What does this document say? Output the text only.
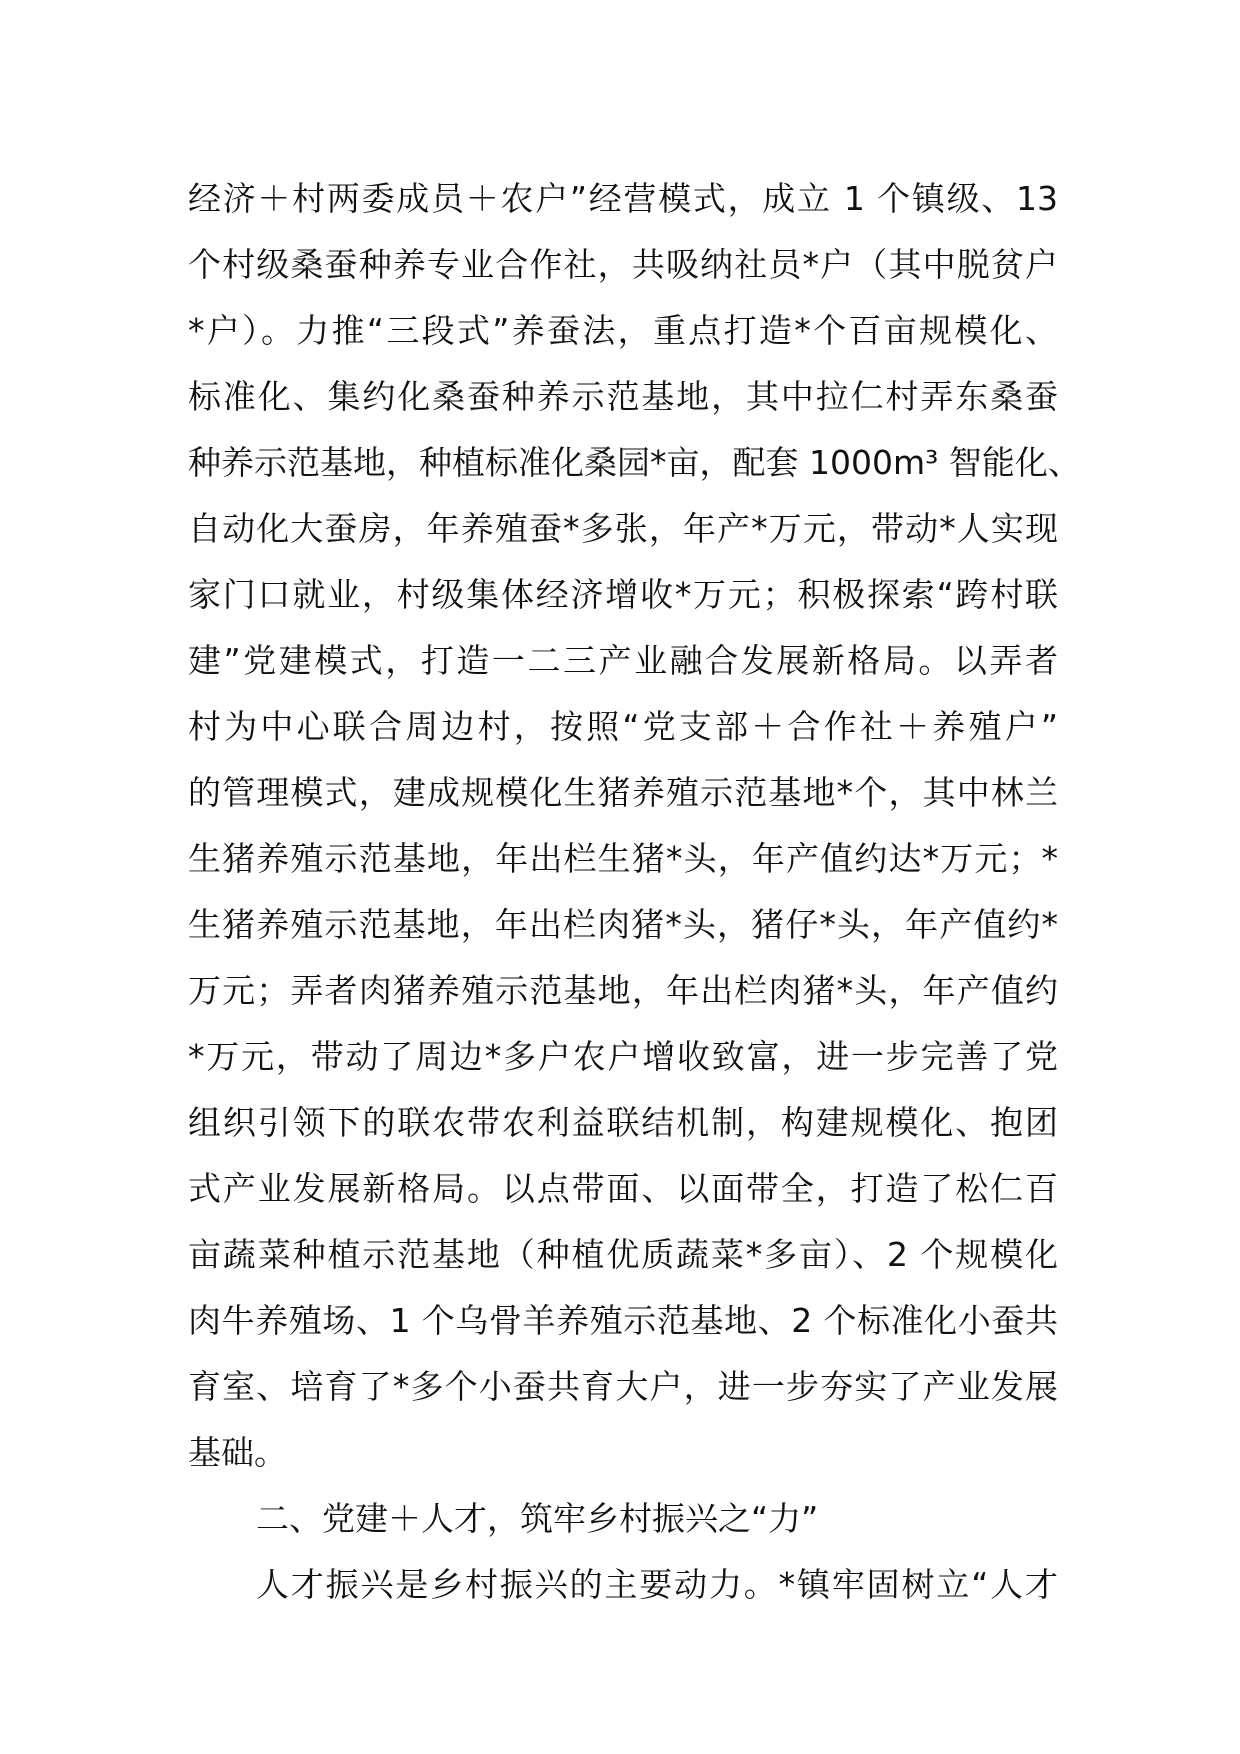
经济＋村两委成员＋农户”经营模式，成立 1 个镇级、13
个村级桑蚕种养专业合作社，共吸纳社员*户（其中脱贫户
*户）。力推“三段式”养蚕法，重点打造*个百亩规模化、
标准化、集约化桑蚕种养示范基地，其中拉仁村弄东桑蚕
种养示范基地，种植标准化桑园*亩，配套 1000m³ 智能化、
自动化大蚕房，年养殖蚕*多张，年产*万元，带动*人实现
家门口就业，村级集体经济增收*万元；积极探索“跨村联
建”党建模式，打造一二三产业融合发展新格局。以弄者
村为中心联合周边村，按照“党支部＋合作社＋养殖户”
的管理模式，建成规模化生猪养殖示范基地*个，其中林兰
生猪养殖示范基地，年出栏生猪*头，年产值约达*万元；*
生猪养殖示范基地，年出栏肉猪*头，猪仔*头，年产值约*
万元；弄者肉猪养殖示范基地，年出栏肉猪*头，年产值约
*万元，带动了周边*多户农户增收致富，进一步完善了党
组织引领下的联农带农利益联结机制，构建规模化、抱团
式产业发展新格局。以点带面、以面带全，打造了松仁百
亩蔬菜种植示范基地（种植优质蔬菜*多亩）、2 个规模化
肉牛养殖场、1 个乌骨羊养殖示范基地、2 个标准化小蚕共
育室、培育了*多个小蚕共育大户，进一步夯实了产业发展
基础。
二、党建＋人才，筑牢乡村振兴之“力”
人才振兴是乡村振兴的主要动力。*镇牢固树立“人才
